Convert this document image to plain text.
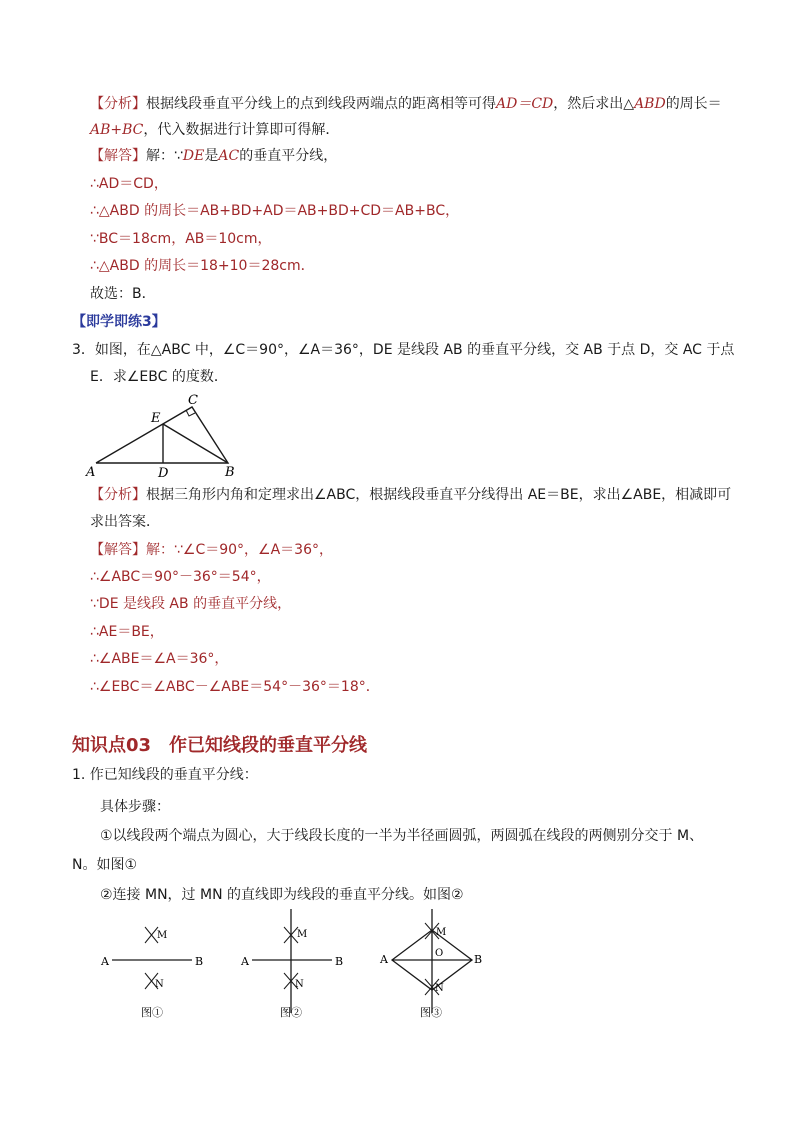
【分析】根据线段垂直平分线上的点到线段两端点的距离相等可得AD＝CD，然后求出△ABD的周长＝
AB+BC，代入数据进行计算即可得解．
【解答】解：∵DE是AC的垂直平分线，
∴AD＝CD，
∴△ABD 的周长＝AB+BD+AD＝AB+BD+CD＝AB+BC，
∵BC＝18cm，AB＝10cm，
∴△ABD 的周长＝18+10＝28cm．
故选：B．
【即学即练3】
3．如图，在△ABC 中，∠C＝90°，∠A＝36°，DE 是线段 AB 的垂直平分线，交 AB 于点 D，交 AC 于点
E．求∠EBC 的度数．
A	B
C
D
E
【分析】根据三角形内角和定理求出∠ABC，根据线段垂直平分线得出 AE＝BE，求出∠ABE，相减即可
求出答案．
【解答】解：∵∠C＝90°，∠A＝36°，
∴∠ABC＝90°－36°＝54°，
∵DE 是线段 AB 的垂直平分线，
∴AE＝BE，
∴∠ABE＝∠A＝36°，
∴∠EBC＝∠ABC－∠ABE＝54°－36°＝18°．
知识点03　作已知线段的垂直平分线
1. 作已知线段的垂直平分线：
具体步骤：
①以线段两个端点为圆心，大于线段长度的一半为半径画圆弧，两圆弧在线段的两侧别分交于 M、
N。如图①
②连接 MN，过 MN 的直线即为线段的垂直平分线。如图②
A	B
M
N
图①
A	B
M
N
图②
A	B
M
O
N
图③
